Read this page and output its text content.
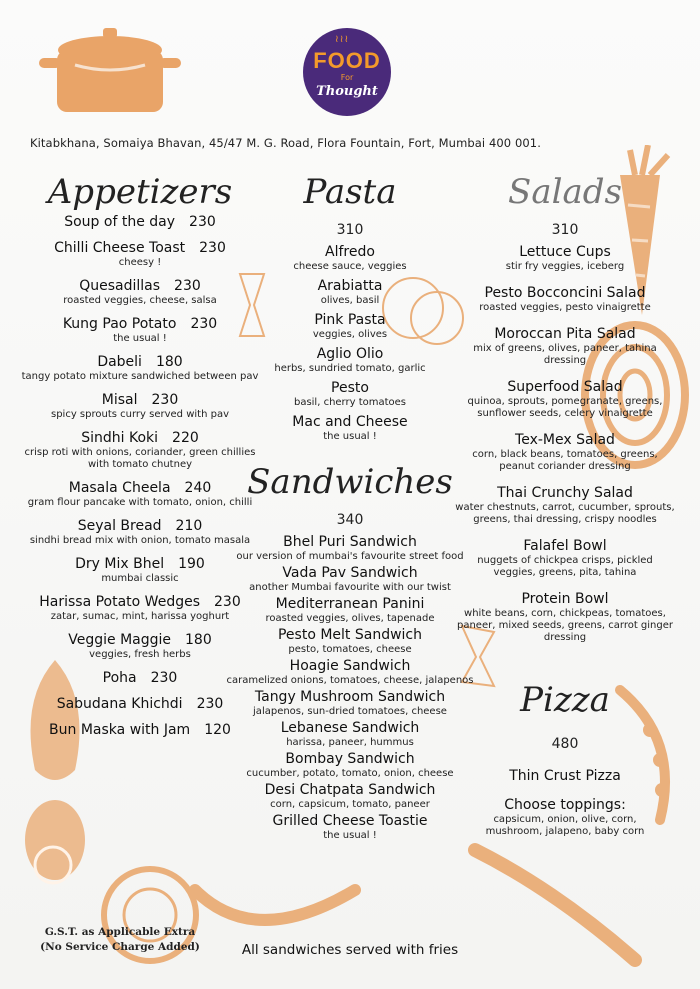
≀≀≀
FOOD
For
Thought
Kitabkhana, Somaiya Bhavan, 45/47 M. G. Road, Flora Fountain, Fort, Mumbai 400 001.
Appetizers
Soup of the day 230
Chilli Cheese Toast 230
cheesy !
Quesadillas 230
roasted veggies, cheese, salsa
Kung Pao Potato 230
the usual !
Dabeli 180
tangy potato mixture sandwiched between pav
Misal 230
spicy sprouts curry served with pav
Sindhi Koki 220
crisp roti with onions, coriander, green chillies with tomato chutney
Masala Cheela 240
gram flour pancake with tomato, onion, chilli
Seyal Bread 210
sindhi bread mix with onion, tomato masala
Dry Mix Bhel 190
mumbai classic
Harissa Potato Wedges 230
zatar, sumac, mint, harissa yoghurt
Veggie Maggie 180
veggies, fresh herbs
Poha 230
Sabudana Khichdi 230
Bun Maska with Jam 120
Pasta
310
Alfredo
cheese sauce, veggies
Arabiatta
olives, basil
Pink Pasta
veggies, olives
Aglio Olio
herbs, sundried tomato, garlic
Pesto
basil, cherry tomatoes
Mac and Cheese
the usual !
Sandwiches
340
Bhel Puri Sandwich
our version of mumbai's favourite street food
Vada Pav Sandwich
another Mumbai favourite with our twist
Mediterranean Panini
roasted veggies, olives, tapenade
Pesto Melt Sandwich
pesto, tomatoes, cheese
Hoagie Sandwich
caramelized onions, tomatoes, cheese, jalapenos
Tangy Mushroom Sandwich
jalapenos, sun-dried tomatoes, cheese
Lebanese Sandwich
harissa, paneer, hummus
Bombay Sandwich
cucumber, potato, tomato, onion, cheese
Desi Chatpata Sandwich
corn, capsicum, tomato, paneer
Grilled Cheese Toastie
the usual !
Salads
310
Lettuce Cups
stir fry veggies, iceberg
Pesto Bocconcini Salad
roasted veggies, pesto vinaigrette
Moroccan Pita Salad
mix of greens, olives, paneer, tahina dressing
Superfood Salad
quinoa, sprouts, pomegranate, greens, sunflower seeds, celery vinaigrette
Tex-Mex Salad
corn, black beans, tomatoes, greens, peanut coriander dressing
Thai Crunchy Salad
water chestnuts, carrot, cucumber, sprouts, greens, thai dressing, crispy noodles
Falafel Bowl
nuggets of chickpea crisps, pickled veggies, greens, pita, tahina
Protein Bowl
white beans, corn, chickpeas, tomatoes, paneer, mixed seeds, greens, carrot ginger dressing
Pizza
480
Thin Crust Pizza
Choose toppings:
capsicum, onion, olive, corn, mushroom, jalapeno, baby corn
G.S.T. as Applicable Extra
(No Service Charge Added)	All sandwiches served with fries
